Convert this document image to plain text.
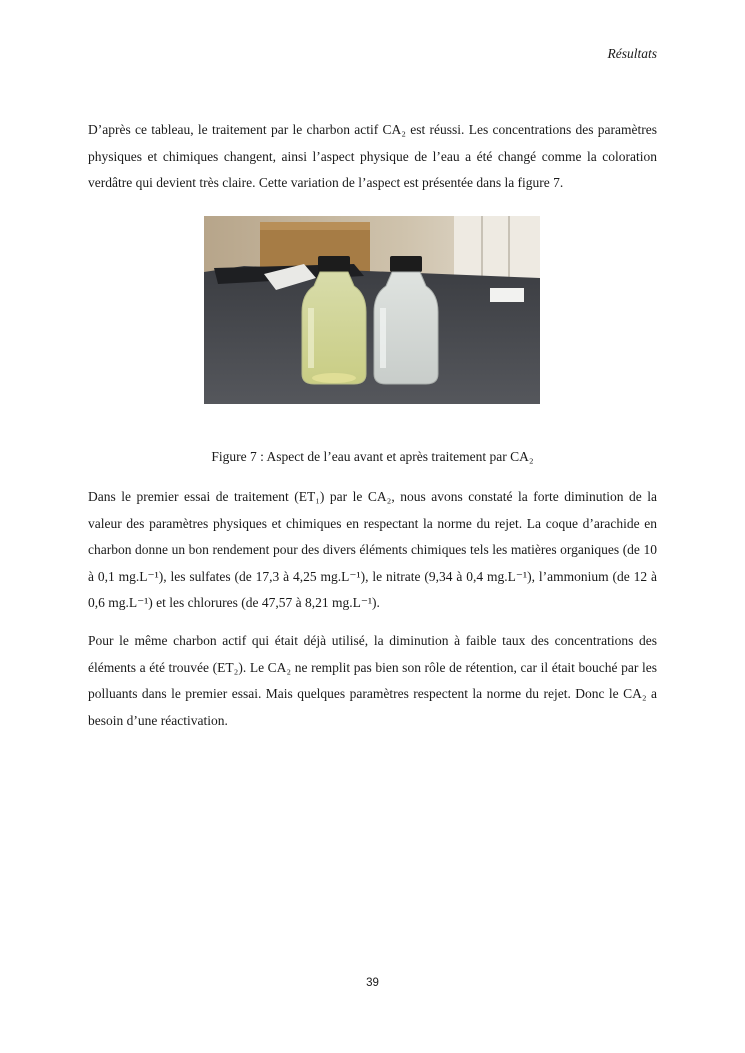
Résultats

D’après ce tableau, le traitement par le charbon actif CA₂ est réussi. Les concentrations des paramètres physiques et chimiques changent, ainsi l’aspect physique de l’eau a été changé comme la coloration verdâtre qui devient très claire. Cette variation de l’aspect est présentée dans la figure 7.

Figure 7 : Aspect de l’eau avant et après traitement par CA₂

Dans le premier essai de traitement (ET₁) par le CA₂, nous avons constaté la forte diminution de la valeur des paramètres physiques et chimiques en respectant la norme du rejet. La coque d’arachide en charbon donne un bon rendement pour des divers éléments chimiques tels les matières organiques (de 10 à 0,1 mg.L⁻¹), les sulfates (de 17,3 à 4,25 mg.L⁻¹), le nitrate (9,34 à 0,4 mg.L⁻¹), l’ammonium (de 12 à 0,6 mg.L⁻¹) et les chlorures (de 47,57 à 8,21 mg.L⁻¹).

Pour le même charbon actif qui était déjà utilisé, la diminution à faible taux des concentrations des éléments a été trouvée (ET₂). Le CA₂ ne remplit pas bien son rôle de rétention, car il était bouché par les polluants dans le premier essai. Mais quelques paramètres respectent la norme du rejet. Donc le CA₂ a besoin d’une réactivation.

39
